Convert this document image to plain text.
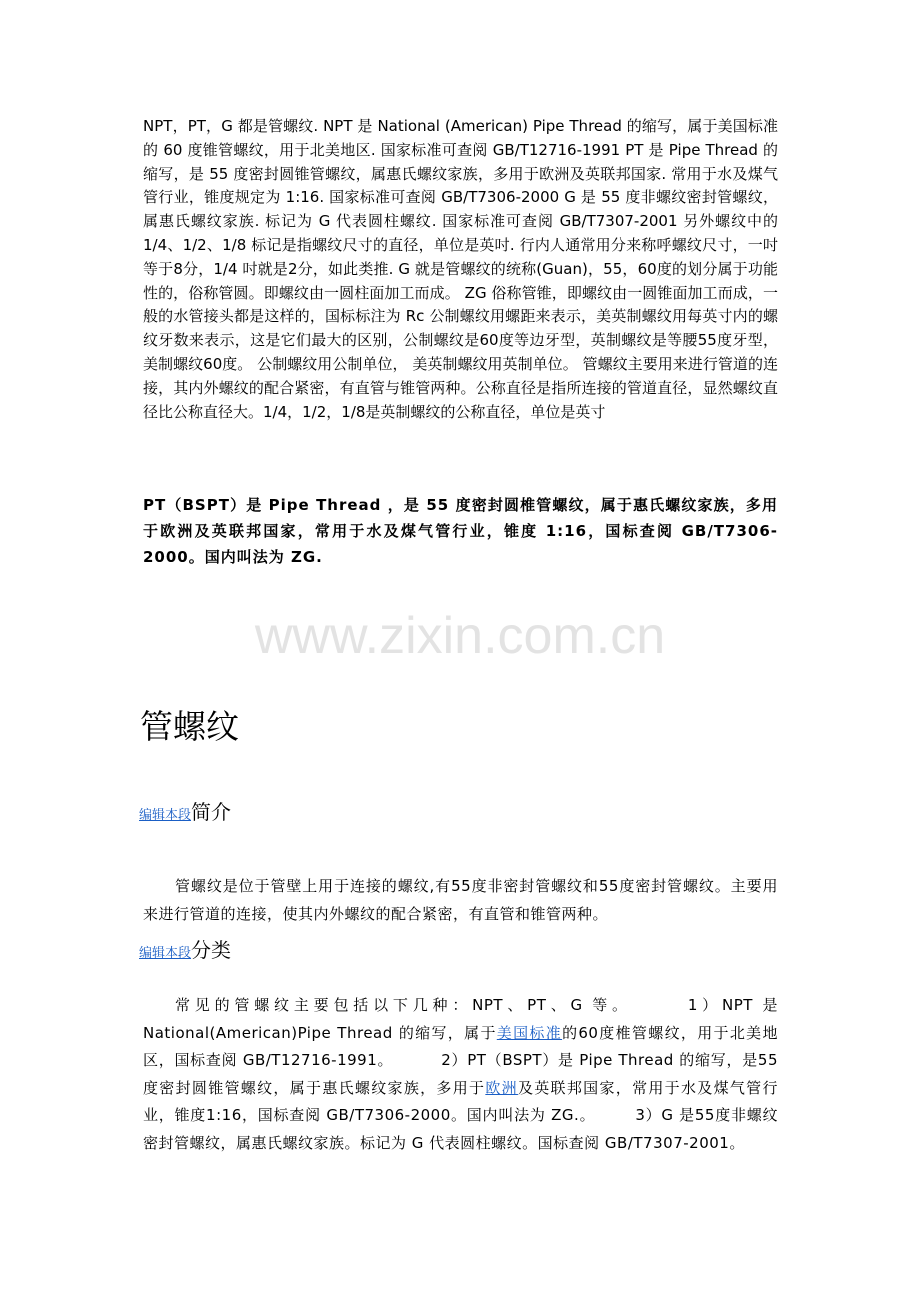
NPT，PT，G 都是管螺纹. NPT 是 National (American) Pipe Thread 的缩写，属于美国标准的 60 度锥管螺纹，用于北美地区. 国家标准可查阅 GB/T12716-1991 PT 是 Pipe Thread 的缩写，是 55 度密封圆锥管螺纹，属惠氏螺纹家族，多用于欧洲及英联邦国家. 常用于水及煤气管行业，锥度规定为 1:16. 国家标准可查阅 GB/T7306-2000 G 是 55 度非螺纹密封管螺纹，属惠氏螺纹家族. 标记为 G 代表圆柱螺纹. 国家标准可查阅 GB/T7307-2001 另外螺纹中的1/4、1/2、1/8 标记是指螺纹尺寸的直径，单位是英吋. 行内人通常用分来称呼螺纹尺寸，一吋等于8分，1/4 吋就是2分，如此类推. G 就是管螺纹的统称(Guan)，55，60度的划分属于功能性的，俗称管圆。即螺纹由一圆柱面加工而成。 ZG 俗称管锥，即螺纹由一圆锥面加工而成，一般的水管接头都是这样的，国标标注为 Rc 公制螺纹用螺距来表示，美英制螺纹用每英寸内的螺纹牙数来表示，这是它们最大的区别，公制螺纹是60度等边牙型，英制螺纹是等腰55度牙型，美制螺纹60度。 公制螺纹用公制单位， 美英制螺纹用英制单位。 管螺纹主要用来进行管道的连接，其内外螺纹的配合紧密，有直管与锥管两种。公称直径是指所连接的管道直径，显然螺纹直径比公称直径大。1/4，1/2，1/8是英制螺纹的公称直径，单位是英寸
PT（BSPT）是 Pipe Thread ，是 55 度密封圆椎管螺纹，属于惠氏螺纹家族，多用于欧洲及英联邦国家，常用于水及煤气管行业，锥度 1:16，国标查阅 GB/T7306-2000。国内叫法为 ZG.
www.zixin.com.cn
管螺纹
编辑本段简介
管螺纹是位于管壁上用于连接的螺纹,有55度非密封管螺纹和55度密封管螺纹。主要用来进行管道的连接，使其内外螺纹的配合紧密，有直管和锥管两种。
编辑本段分类
常见的管螺纹主要包括以下几种：NPT、PT、G 等。	1）NPT 是 National(American)Pipe Thread 的缩写，属于美国标准的60度椎管螺纹，用于北美地区，国标查阅 GB/T12716-1991。	2）PT（BSPT）是 Pipe Thread 的缩写，是55度密封圆锥管螺纹，属于惠氏螺纹家族，多用于欧洲及英联邦国家，常用于水及煤气管行业，锥度1:16，国标查阅 GB/T7306-2000。国内叫法为 ZG.。	3）G 是55度非螺纹密封管螺纹，属惠氏螺纹家族。标记为 G 代表圆柱螺纹。国标查阅 GB/T7307-2001。
